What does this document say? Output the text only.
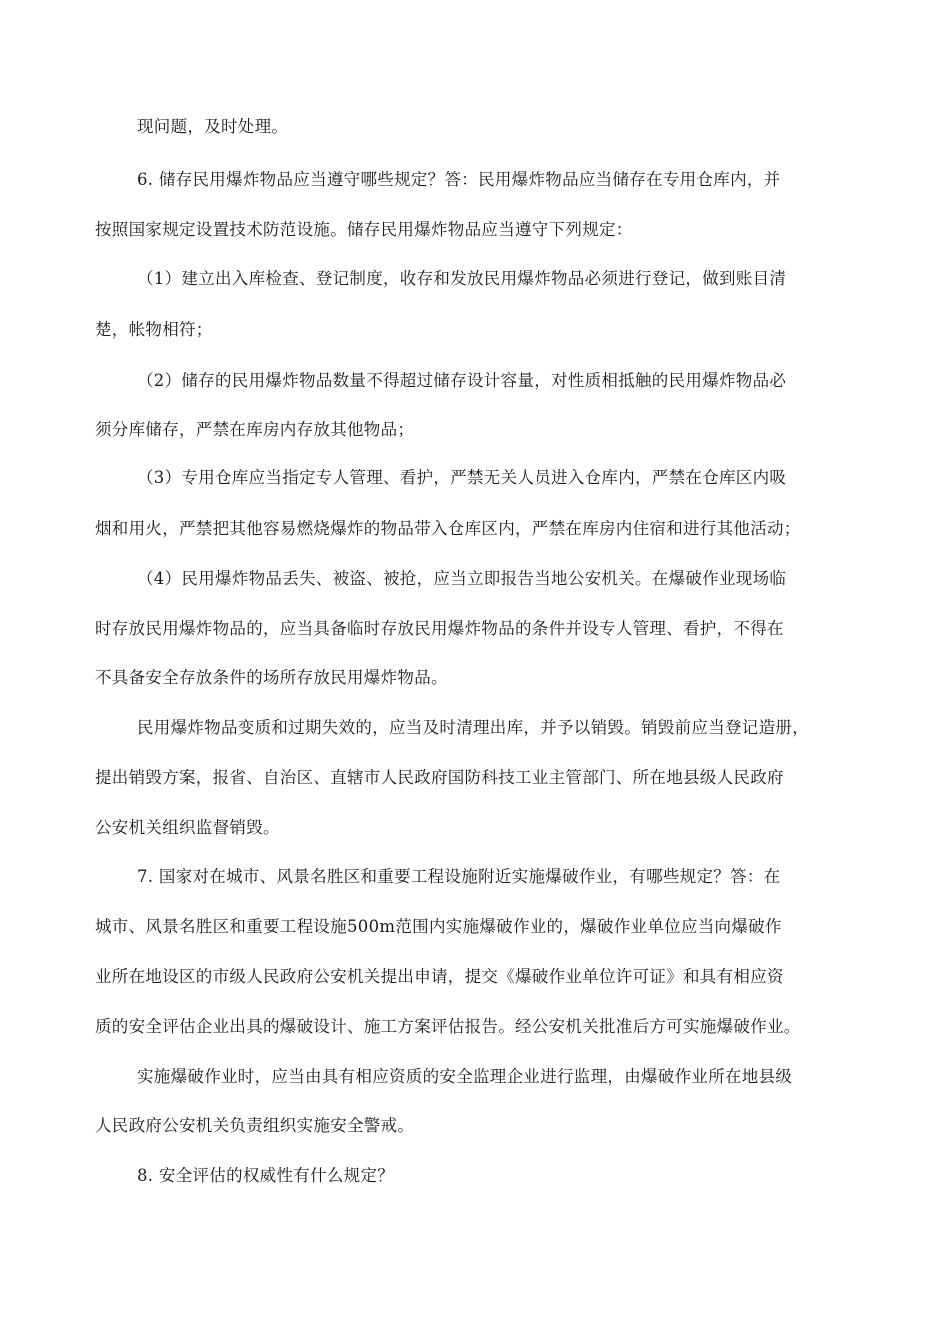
现问题，及时处理。
6. 储存民用爆炸物品应当遵守哪些规定？答：民用爆炸物品应当储存在专用仓库内，并
按照国家规定设置技术防范设施。储存民用爆炸物品应当遵守下列规定：
（1）建立出入库检查、登记制度，收存和发放民用爆炸物品必须进行登记，做到账目清
楚，帐物相符；
（2）储存的民用爆炸物品数量不得超过储存设计容量，对性质相抵触的民用爆炸物品必
须分库储存，严禁在库房内存放其他物品；
（3）专用仓库应当指定专人管理、看护，严禁无关人员进入仓库内，严禁在仓库区内吸
烟和用火，严禁把其他容易燃烧爆炸的物品带入仓库区内，严禁在库房内住宿和进行其他活动；
（4）民用爆炸物品丢失、被盗、被抢，应当立即报告当地公安机关。在爆破作业现场临
时存放民用爆炸物品的，应当具备临时存放民用爆炸物品的条件并设专人管理、看护，不得在
不具备安全存放条件的场所存放民用爆炸物品。
民用爆炸物品变质和过期失效的，应当及时清理出库，并予以销毁。销毁前应当登记造册，
提出销毁方案，报省、自治区、直辖市人民政府国防科技工业主管部门、所在地县级人民政府
公安机关组织监督销毁。
7. 国家对在城市、风景名胜区和重要工程设施附近实施爆破作业，有哪些规定？答：在
城市、风景名胜区和重要工程设施500m范围内实施爆破作业的，爆破作业单位应当向爆破作
业所在地设区的市级人民政府公安机关提出申请，提交《爆破作业单位许可证》和具有相应资
质的安全评估企业出具的爆破设计、施工方案评估报告。经公安机关批准后方可实施爆破作业。
实施爆破作业时，应当由具有相应资质的安全监理企业进行监理，由爆破作业所在地县级
人民政府公安机关负责组织实施安全警戒。
8. 安全评估的权威性有什么规定？
